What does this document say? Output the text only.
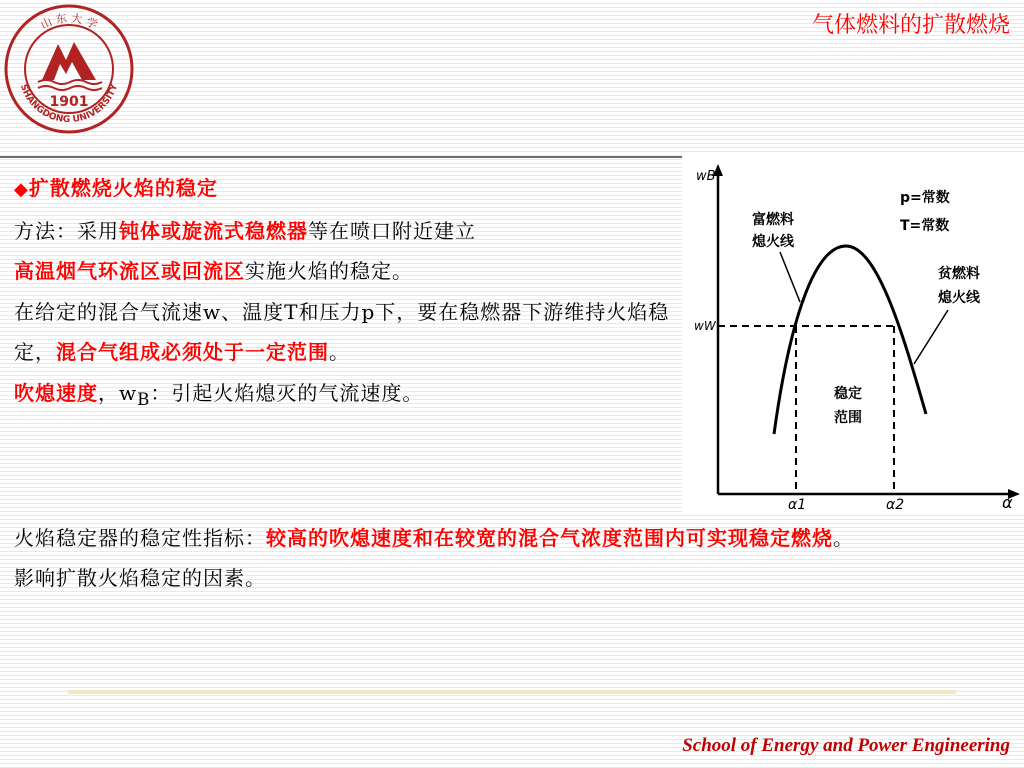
1901
SHANGDONG UNIVERSITY
山 东 大 学	气体燃料的扩散燃烧

◆扩散燃烧火焰的稳定

方法：采用钝体或旋流式稳燃器等在喷口附近建立
高温烟气环流区或回流区实施火焰的稳定。

在给定的混合气流速w、温度T和压力p下，要在稳燃器下游维持火焰稳定，混合气组成必须处于一定范围。

吹熄速度，$w_B$：引起火焰熄灭的气流速度。

wB
α
wW
α1	α2
p=常数
T=常数
富燃料
熄火线
贫燃料
熄火线
稳定
范围

火焰稳定器的稳定性指标：较高的吹熄速度和在较宽的混合气浓度范围内可实现稳定燃烧。

影响扩散火焰稳定的因素。

School of Energy and Power Engineering
